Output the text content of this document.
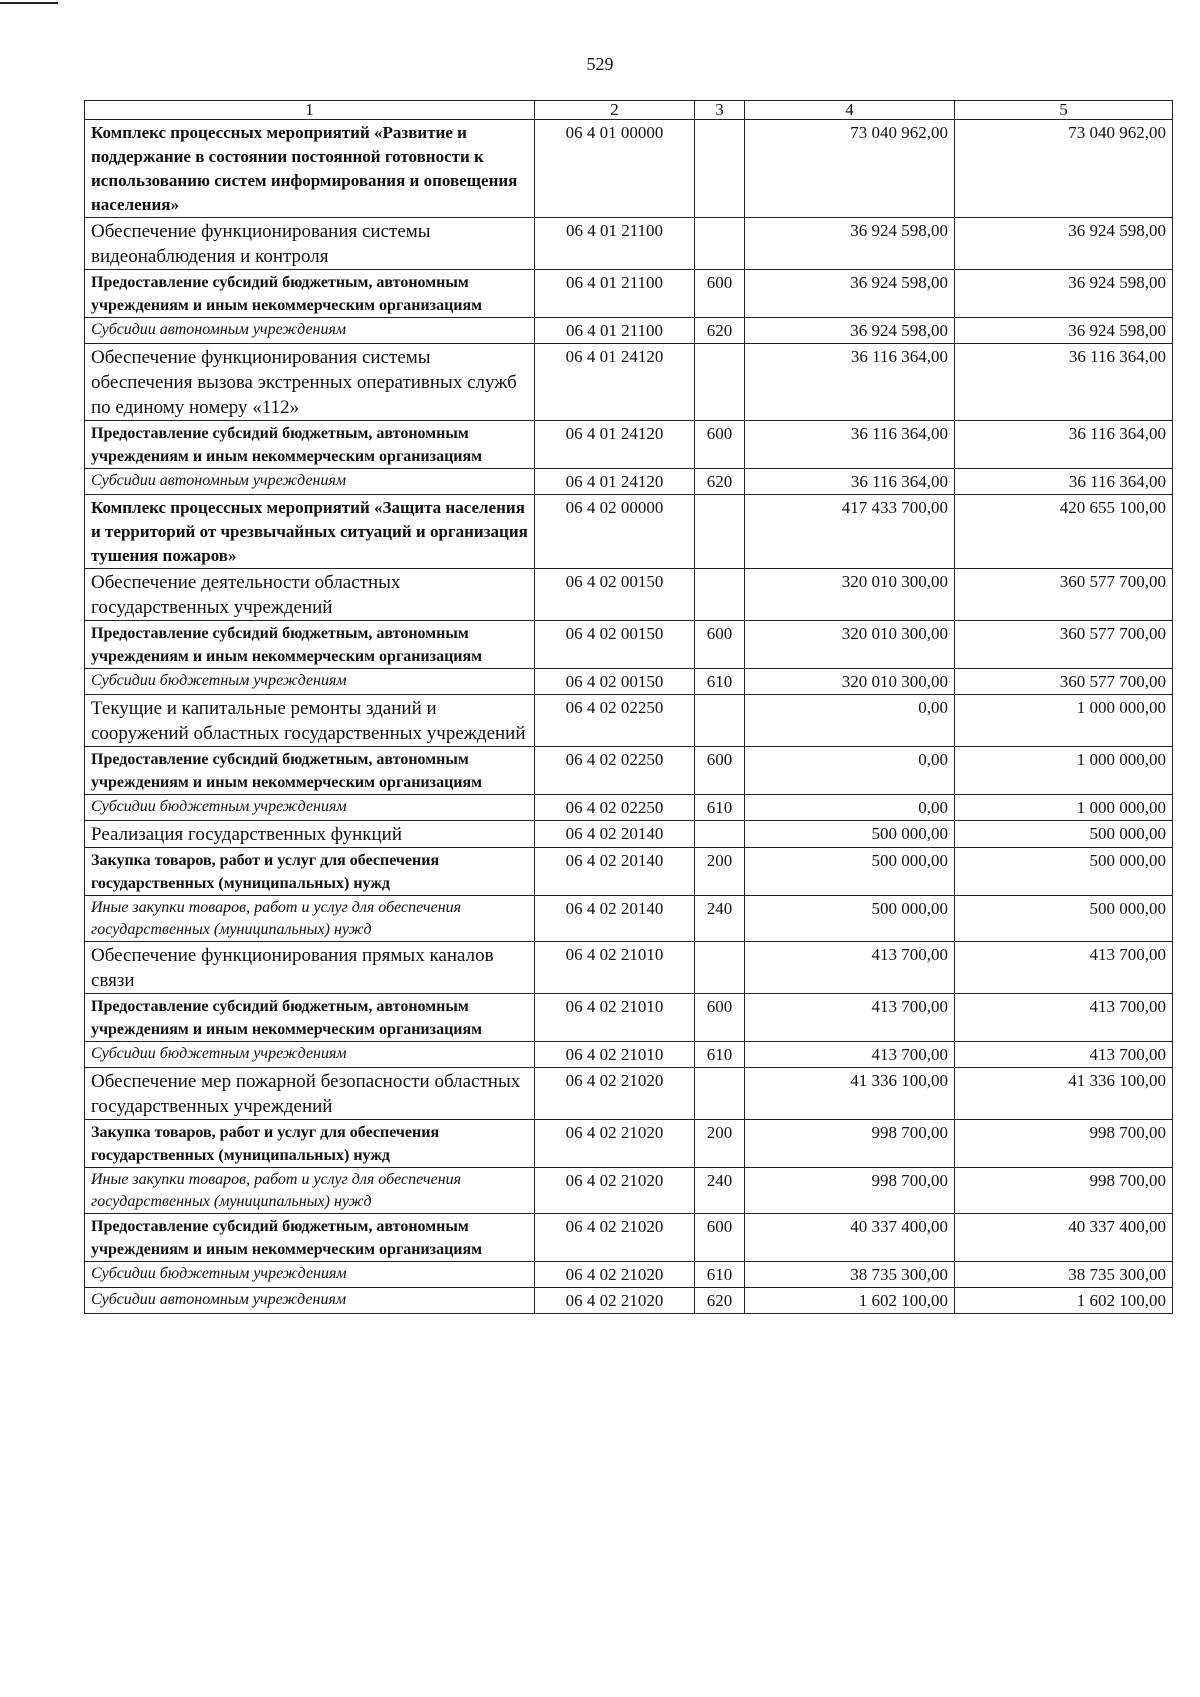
529
1	2	3	4	5
Комплекс процессных мероприятий «Развитие и поддержание в состоянии постоянной готовности к использованию систем информирования и оповещения населения»	06 4 01 00000		73 040 962,00	73 040 962,00
Обеспечение функционирования системы видеонаблюдения и контроля	06 4 01 21100		36 924 598,00	36 924 598,00
Предоставление субсидий бюджетным, автономным учреждениям и иным некоммерческим организациям	06 4 01 21100	600	36 924 598,00	36 924 598,00
Субсидии автономным учреждениям	06 4 01 21100	620	36 924 598,00	36 924 598,00
Обеспечение функционирования системы обеспечения вызова экстренных оперативных служб по единому номеру «112»	06 4 01 24120		36 116 364,00	36 116 364,00
Предоставление субсидий бюджетным, автономным учреждениям и иным некоммерческим организациям	06 4 01 24120	600	36 116 364,00	36 116 364,00
Субсидии автономным учреждениям	06 4 01 24120	620	36 116 364,00	36 116 364,00
Комплекс процессных мероприятий «Защита населения и территорий от чрезвычайных ситуаций и организация тушения пожаров»	06 4 02 00000		417 433 700,00	420 655 100,00
Обеспечение деятельности областных государственных учреждений	06 4 02 00150		320 010 300,00	360 577 700,00
Предоставление субсидий бюджетным, автономным учреждениям и иным некоммерческим организациям	06 4 02 00150	600	320 010 300,00	360 577 700,00
Субсидии бюджетным учреждениям	06 4 02 00150	610	320 010 300,00	360 577 700,00
Текущие и капитальные ремонты зданий и сооружений областных государственных учреждений	06 4 02 02250		0,00	1 000 000,00
Предоставление субсидий бюджетным, автономным учреждениям и иным некоммерческим организациям	06 4 02 02250	600	0,00	1 000 000,00
Субсидии бюджетным учреждениям	06 4 02 02250	610	0,00	1 000 000,00
Реализация государственных функций	06 4 02 20140		500 000,00	500 000,00
Закупка товаров, работ и услуг для обеспечения государственных (муниципальных) нужд	06 4 02 20140	200	500 000,00	500 000,00
Иные закупки товаров, работ и услуг для обеспечения государственных (муниципальных) нужд	06 4 02 20140	240	500 000,00	500 000,00
Обеспечение функционирования прямых каналов связи	06 4 02 21010		413 700,00	413 700,00
Предоставление субсидий бюджетным, автономным учреждениям и иным некоммерческим организациям	06 4 02 21010	600	413 700,00	413 700,00
Субсидии бюджетным учреждениям	06 4 02 21010	610	413 700,00	413 700,00
Обеспечение мер пожарной безопасности областных государственных учреждений	06 4 02 21020		41 336 100,00	41 336 100,00
Закупка товаров, работ и услуг для обеспечения государственных (муниципальных) нужд	06 4 02 21020	200	998 700,00	998 700,00
Иные закупки товаров, работ и услуг для обеспечения государственных (муниципальных) нужд	06 4 02 21020	240	998 700,00	998 700,00
Предоставление субсидий бюджетным, автономным учреждениям и иным некоммерческим организациям	06 4 02 21020	600	40 337 400,00	40 337 400,00
Субсидии бюджетным учреждениям	06 4 02 21020	610	38 735 300,00	38 735 300,00
Субсидии автономным учреждениям	06 4 02 21020	620	1 602 100,00	1 602 100,00
